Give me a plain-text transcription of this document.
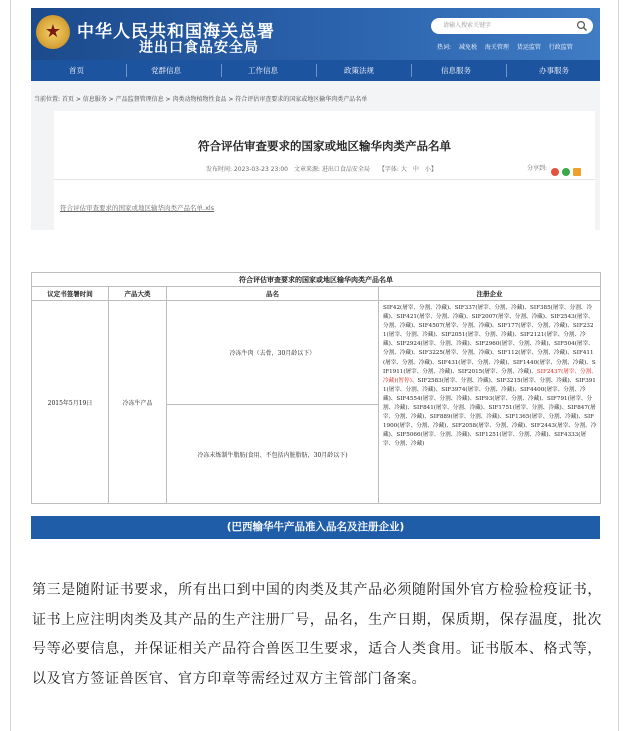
★ 中华人民共和国海关总署
进出口食品安全局
请输入搜索关键字
热词: 减免税 海关管理 货运监管 行政监管
首页	党群信息	工作信息	政策法规	信息服务	办事服务
当前位置: 首页 > 信息服务 > 产品监督管理信息 > 肉类动物植物性食品 > 符合评估审查要求的国家或地区输华肉类产品名单
符合评估审查要求的国家或地区输华肉类产品名单
发布时间: 2023-03-23 23:00　文章来源: 进出口食品安全局　　【字体: 大　中　小】	分享到:
符合评估审查要求的国家或地区输华肉类产品名单.xls
符合评估审查要求的国家或地区输华肉类产品名单			
议定书签署时间	产品大类	品名	注册企业
2015年5月19日	冷冻牛产品	冷冻牛肉（去骨，30月龄以下）	SIF42(屠宰、分割、冷藏)、SIF337(屠宰、分割、冷藏)、SIF385(屠宰、分割、冷藏)、SIF421(屠宰、分割、冷藏)、SIF2007(屠宰、分割、冷藏)、SIF2543(屠宰、分割、冷藏)、SIF4507(屠宰、分割、冷藏)、SIF177(屠宰、分割、冷藏)、SIF2321(屠宰、分割、冷藏)、SIF2051(屠宰、分割、冷藏)、SIF2121(屠宰、分割、冷藏)、SIF2924(屠宰、分割、冷藏)、SIF2960(屠宰、分割、冷藏)、SIF504(屠宰、分割、冷藏)、SIF3225(屠宰、分割、冷藏)、SIF112(屠宰、分割、冷藏)、SIF411(屠宰、分割、冷藏)、SIF431(屠宰、分割、冷藏)、SIF1440(屠宰、分割、冷藏)、SIF1911(屠宰、分割、冷藏)、SIF2015(屠宰、分割、冷藏)、SIF2437(屠宰、分割、冷藏)(暂停)、SIF2583(屠宰、分割、冷藏)、SIF3215(屠宰、分割、冷藏)、SIF3911(屠宰、分割、冷藏)、SIF3974(屠宰、分割、冷藏)、SIF4400(屠宰、分割、冷藏)、SIF4554(屠宰、分割、冷藏)、SIF93(屠宰、分割、冷藏)、SIF791(屠宰、分割、冷藏)、SIF841(屠宰、分割、冷藏)、SIF1751(屠宰、分割、冷藏)、SIF847(屠宰、分割、冷藏)、SIF889(屠宰、分割、冷藏)、SIF1365(屠宰、分割、冷藏)、SIF1900(屠宰、分割、冷藏)、SIF2058(屠宰、分割、冷藏)、SIF2443(屠宰、分割、冷藏)、SIF5066(屠宰、分割、冷藏)、SIF1251(屠宰、分割、冷藏)、SIF4333(屠宰、分割、冷藏)
		冷冻未炼制牛脂肪(食用、不包括内脏脂肪，30月龄以下)	
(巴西输华牛产品准入品名及注册企业)
第三是随附证书要求，所有出口到中国的肉类及其产品必须随附国外官方检验检疫证书，证书上应注明肉类及其产品的生产注册厂号，品名，生产日期，保质期，保存温度，批次号等必要信息，并保证相关产品符合兽医卫生要求，适合人类食用。证书版本、格式等，以及官方签证兽医官、官方印章等需经过双方主管部门备案。
